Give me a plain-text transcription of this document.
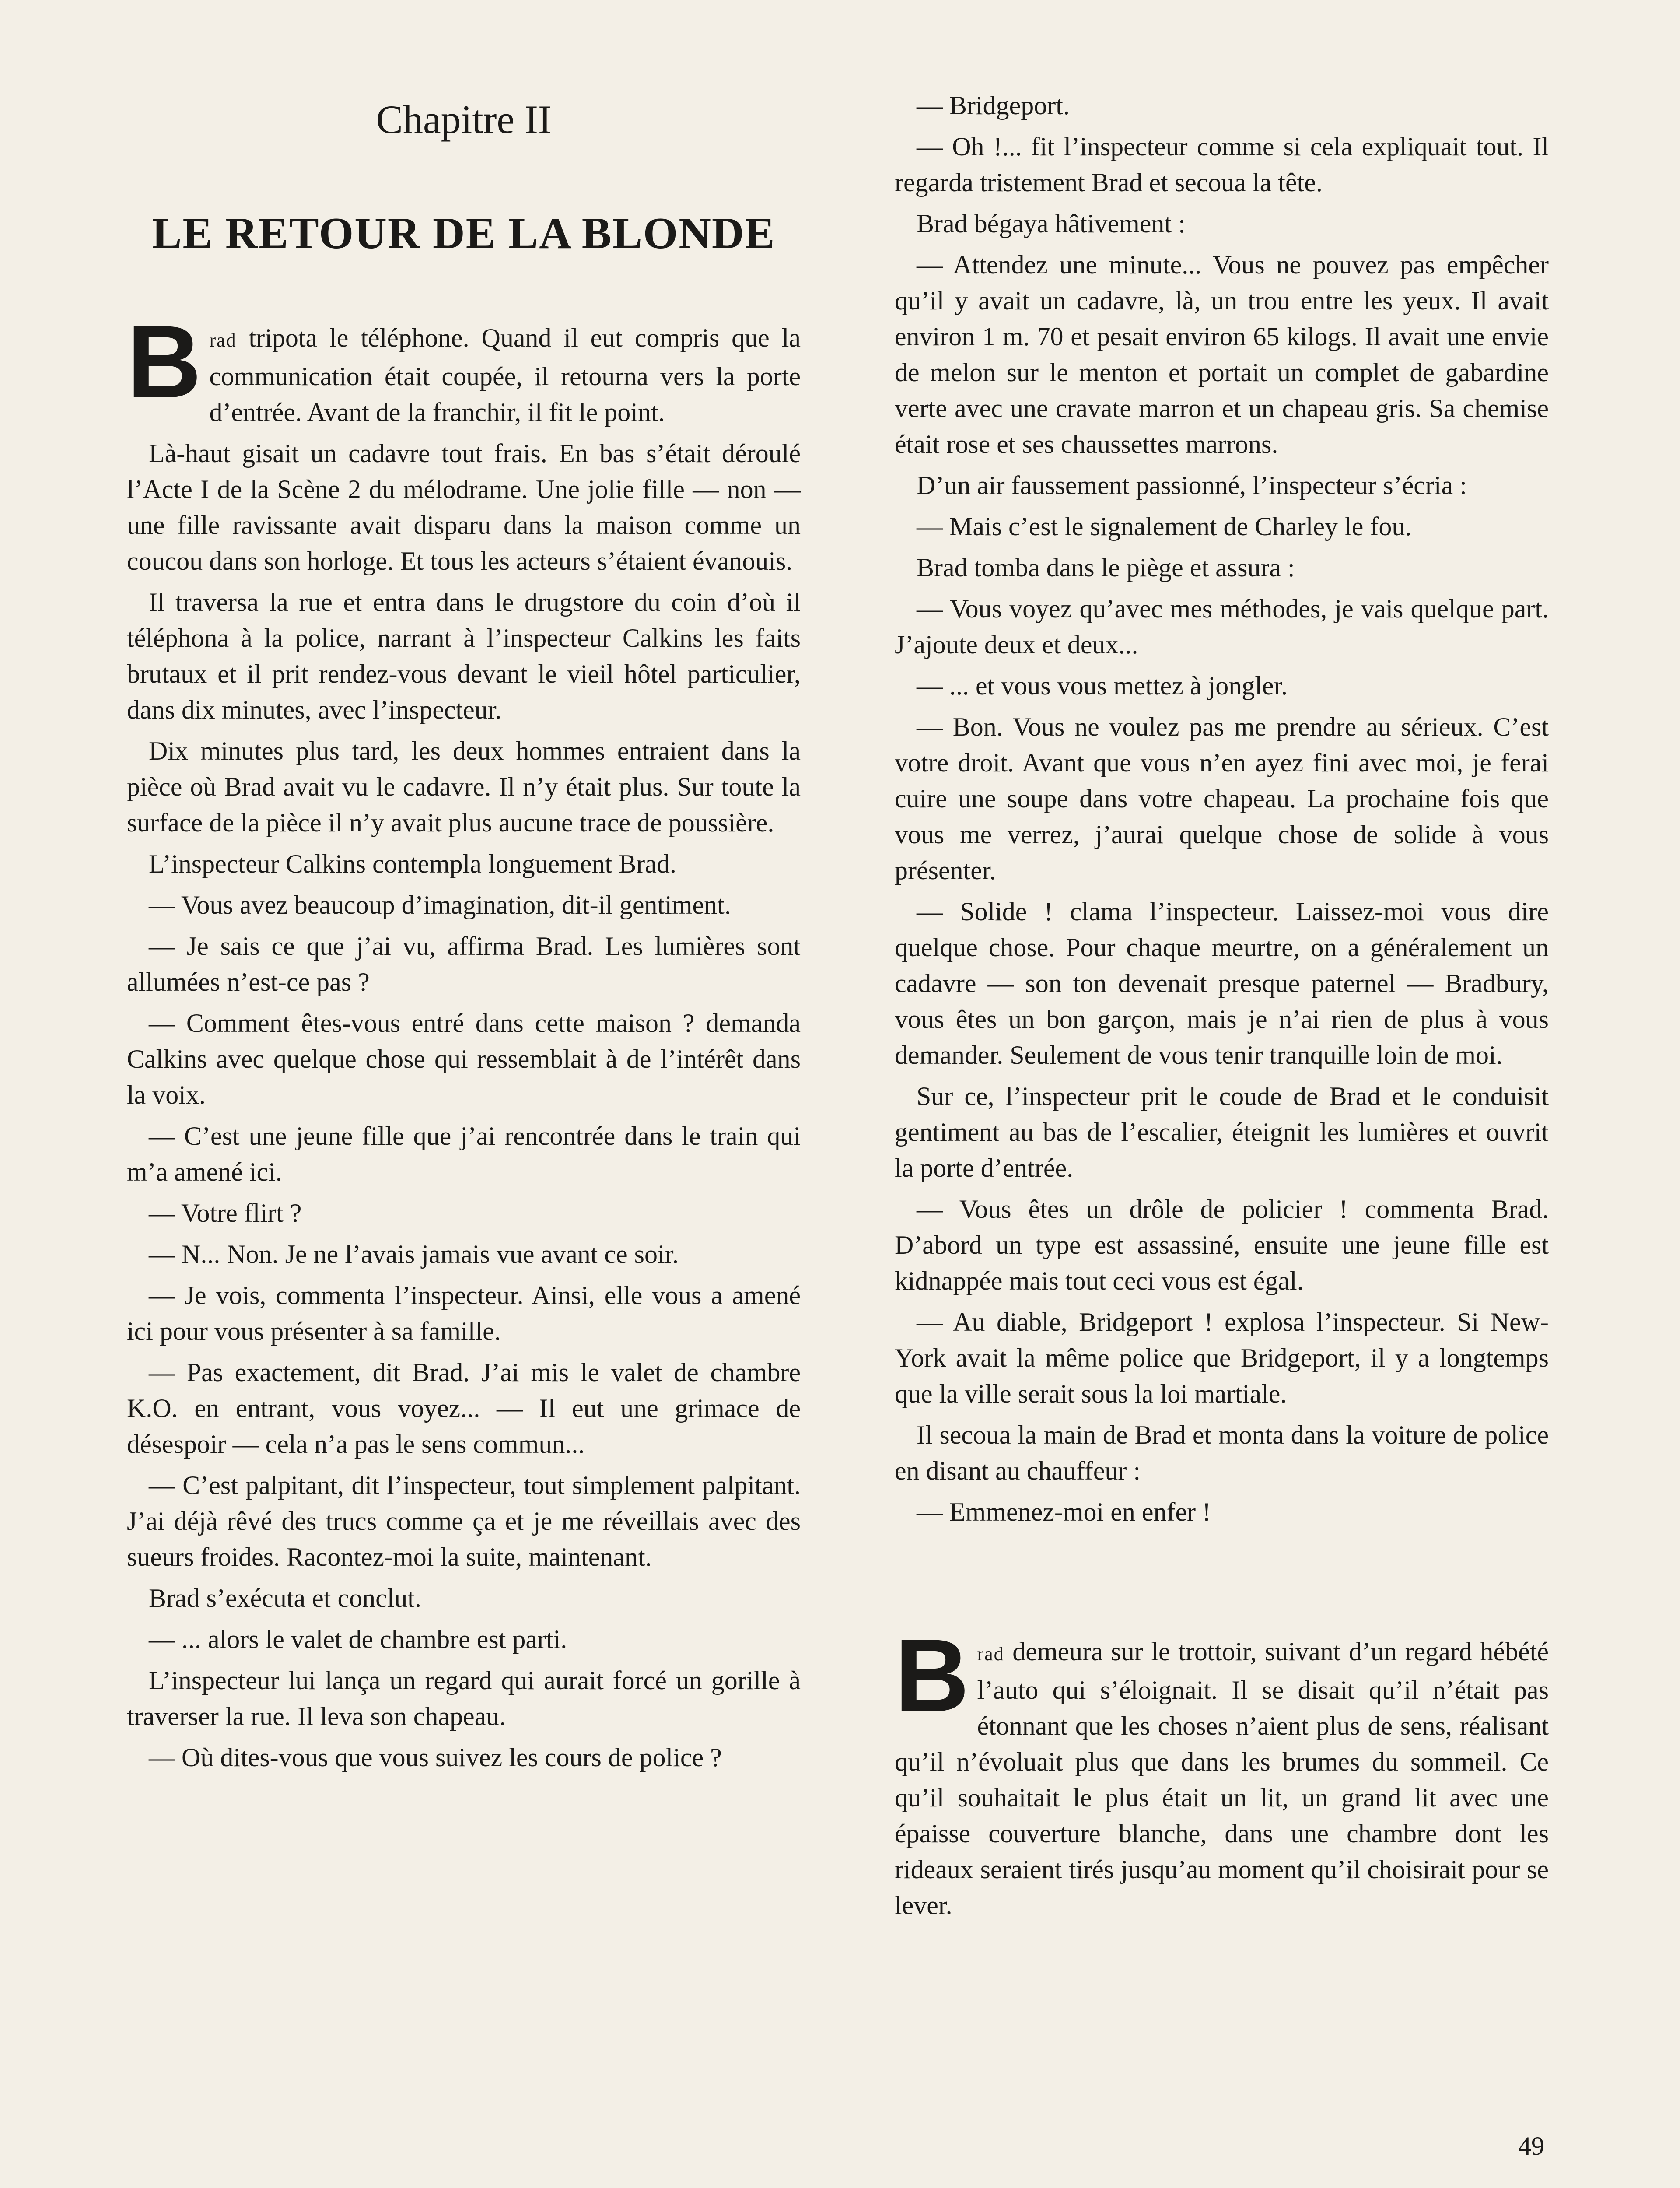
Chapitre II
LE RETOUR DE LA BLONDE

Brad tripota le téléphone. Quand il eut compris que la communication était coupée, il retourna vers la porte d’entrée. Avant de la franchir, il fit le point.

Là-haut gisait un cadavre tout frais. En bas s’était déroulé l’Acte I de la Scène 2 du mélodrame. Une jolie fille — non — une fille ravissante avait disparu dans la maison comme un coucou dans son horloge. Et tous les acteurs s’étaient évanouis.

Il traversa la rue et entra dans le drugstore du coin d’où il téléphona à la police, narrant à l’inspecteur Calkins les faits brutaux et il prit rendez-vous devant le vieil hôtel particulier, dans dix minutes, avec l’inspecteur.

Dix minutes plus tard, les deux hommes entraient dans la pièce où Brad avait vu le cadavre. Il n’y était plus. Sur toute la surface de la pièce il n’y avait plus aucune trace de poussière.

L’inspecteur Calkins contempla longuement Brad.

— Vous avez beaucoup d’imagination, dit-il gentiment.

— Je sais ce que j’ai vu, affirma Brad. Les lumières sont allumées n’est-ce pas ?

— Comment êtes-vous entré dans cette maison ? demanda Calkins avec quelque chose qui ressemblait à de l’intérêt dans la voix.

— C’est une jeune fille que j’ai rencontrée dans le train qui m’a amené ici.

— Votre flirt ?

— N... Non. Je ne l’avais jamais vue avant ce soir.

— Je vois, commenta l’inspecteur. Ainsi, elle vous a amené ici pour vous présenter à sa famille.

— Pas exactement, dit Brad. J’ai mis le valet de chambre K.O. en entrant, vous voyez... — Il eut une grimace de désespoir — cela n’a pas le sens commun...

— C’est palpitant, dit l’inspecteur, tout simplement palpitant. J’ai déjà rêvé des trucs comme ça et je me réveillais avec des sueurs froides. Racontez-moi la suite, maintenant.

Brad s’exécuta et conclut.

— ... alors le valet de chambre est parti.

L’inspecteur lui lança un regard qui aurait forcé un gorille à traverser la rue. Il leva son chapeau.

— Où dites-vous que vous suivez les cours de police ?

— Bridgeport.

— Oh !... fit l’inspecteur comme si cela expliquait tout. Il regarda tristement Brad et secoua la tête.

Brad bégaya hâtivement :

— Attendez une minute... Vous ne pouvez pas empêcher qu’il y avait un cadavre, là, un trou entre les yeux. Il avait environ 1 m. 70 et pesait environ 65 kilogs. Il avait une envie de melon sur le menton et portait un complet de gabardine verte avec une cravate marron et un chapeau gris. Sa chemise était rose et ses chaussettes marrons.

D’un air faussement passionné, l’inspecteur s’écria :

— Mais c’est le signalement de Charley le fou.

Brad tomba dans le piège et assura :

— Vous voyez qu’avec mes méthodes, je vais quelque part. J’ajoute deux et deux...

— ... et vous vous mettez à jongler.

— Bon. Vous ne voulez pas me prendre au sérieux. C’est votre droit. Avant que vous n’en ayez fini avec moi, je ferai cuire une soupe dans votre chapeau. La prochaine fois que vous me verrez, j’aurai quelque chose de solide à vous présenter.

— Solide ! clama l’inspecteur. Laissez-moi vous dire quelque chose. Pour chaque meurtre, on a généralement un cadavre — son ton devenait presque paternel — Bradbury, vous êtes un bon garçon, mais je n’ai rien de plus à vous demander. Seulement de vous tenir tranquille loin de moi.

Sur ce, l’inspecteur prit le coude de Brad et le conduisit gentiment au bas de l’escalier, éteignit les lumières et ouvrit la porte d’entrée.

— Vous êtes un drôle de policier ! commenta Brad. D’abord un type est assassiné, ensuite une jeune fille est kidnappée mais tout ceci vous est égal.

— Au diable, Bridgeport ! explosa l’inspecteur. Si New-York avait la même police que Bridgeport, il y a longtemps que la ville serait sous la loi martiale.

Il secoua la main de Brad et monta dans la voiture de police en disant au chauffeur :

— Emmenez-moi en enfer !

Brad demeura sur le trottoir, suivant d’un regard hébété l’auto qui s’éloignait. Il se disait qu’il n’était pas étonnant que les choses n’aient plus de sens, réalisant qu’il n’évoluait plus que dans les brumes du sommeil. Ce qu’il souhaitait le plus était un lit, un grand lit avec une épaisse couverture blanche, dans une chambre dont les rideaux seraient tirés jusqu’au moment qu’il choisirait pour se lever.

49
